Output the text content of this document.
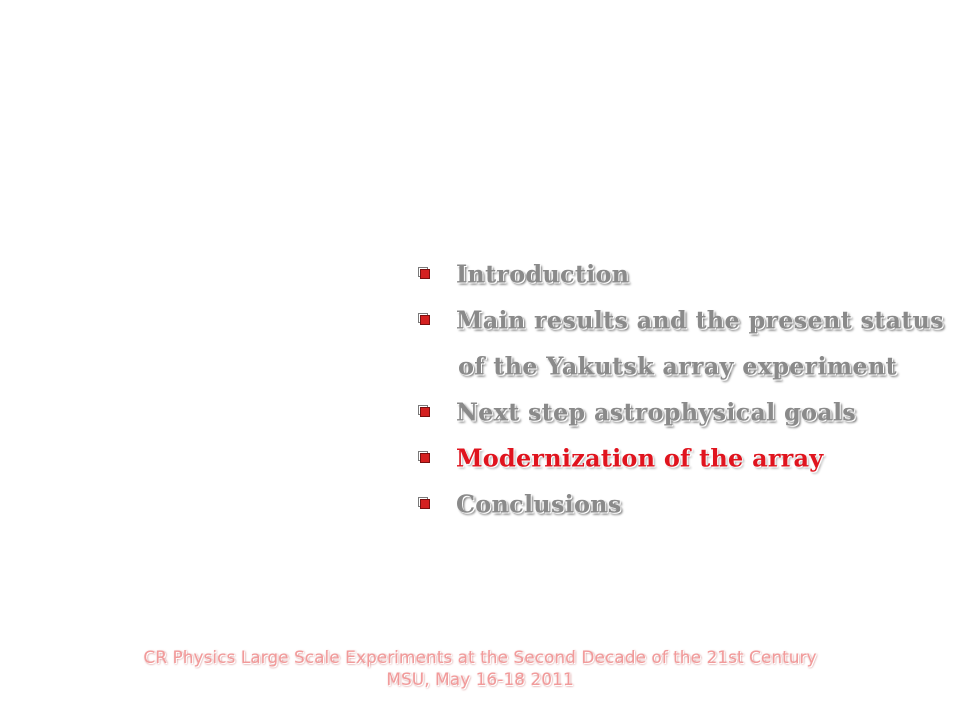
Introduction
Main results and the present status
of the Yakutsk array experiment
Next step astrophysical goals
Modernization of the array
Conclusions
CR Physics Large Scale Experiments at the Second Decade of the 21st Century
MSU, May 16-18 2011
